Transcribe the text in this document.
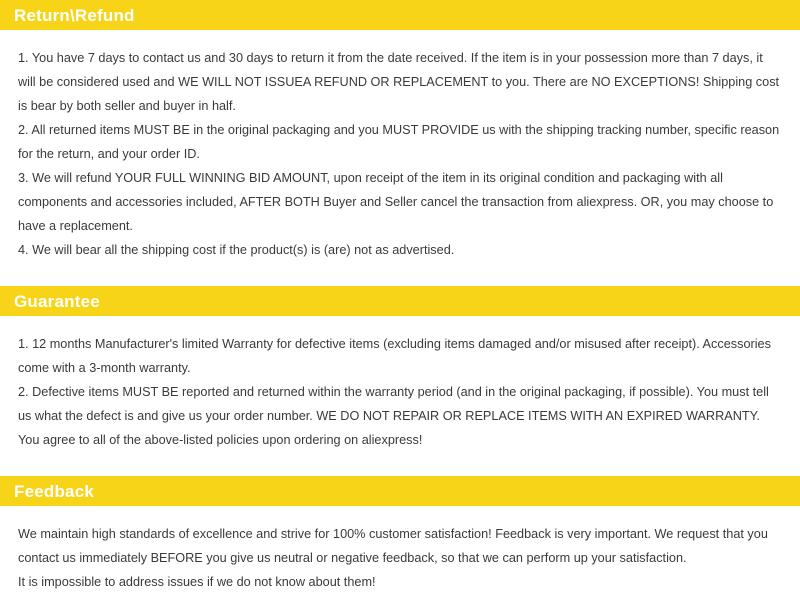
Return\Refund

1. You have 7 days to contact us and 30 days to return it from the date received. If the item is in your possession more than 7 days, it will be considered used and WE WILL NOT ISSUEA REFUND OR REPLACEMENT to you. There are NO EXCEPTIONS! Shipping cost is bear by both seller and buyer in half.

2. All returned items MUST BE in the original packaging and you MUST PROVIDE us with the shipping tracking number, specific reason for the return, and your order ID.

3. We will refund YOUR FULL WINNING BID AMOUNT, upon receipt of the item in its original condition and packaging with all components and accessories included, AFTER BOTH Buyer and Seller cancel the transaction from aliexpress. OR, you may choose to have a replacement.

4. We will bear all the shipping cost if the product(s) is (are) not as advertised.

Guarantee

1. 12 months Manufacturer's limited Warranty for defective items (excluding items damaged and/or misused after receipt). Accessories come with a 3-month warranty.

2. Defective items MUST BE reported and returned within the warranty period (and in the original packaging, if possible). You must tell us what the defect is and give us your order number. WE DO NOT REPAIR OR REPLACE ITEMS WITH AN EXPIRED WARRANTY.

You agree to all of the above-listed policies upon ordering on aliexpress!

Feedback

We maintain high standards of excellence and strive for 100% customer satisfaction! Feedback is very important. We request that you contact us immediately BEFORE you give us neutral or negative feedback, so that we can perform up your satisfaction.

It is impossible to address issues if we do not know about them!
